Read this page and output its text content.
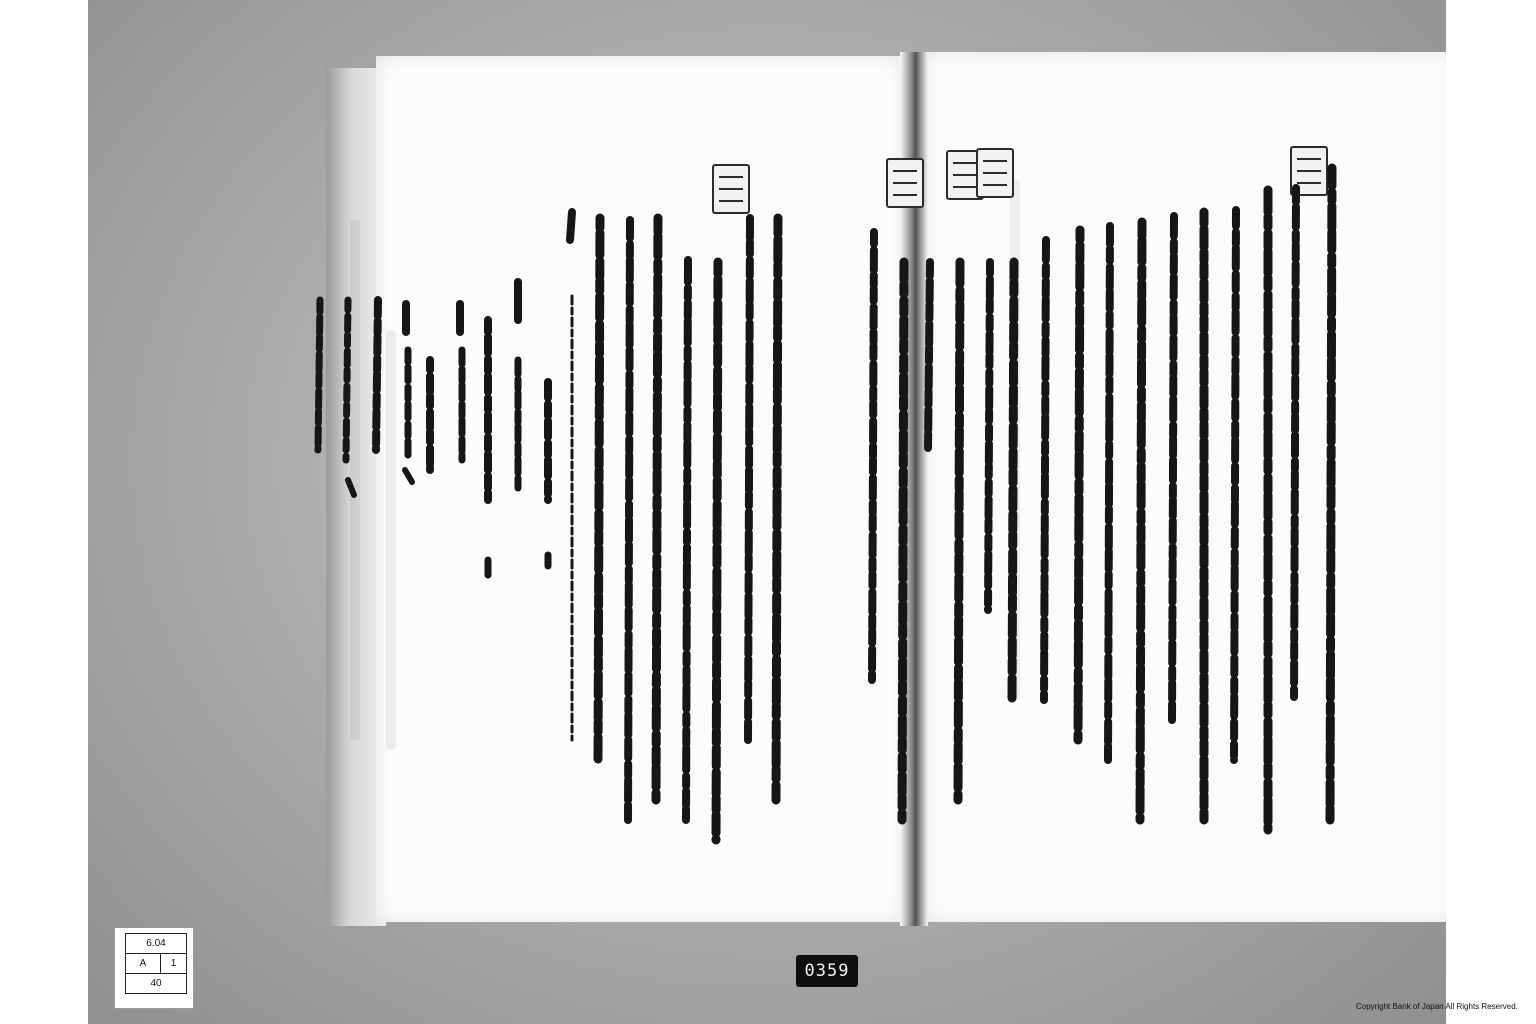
6.04
A	1
40
0359
Copyright Bank of Japan All Rights Reserved.
